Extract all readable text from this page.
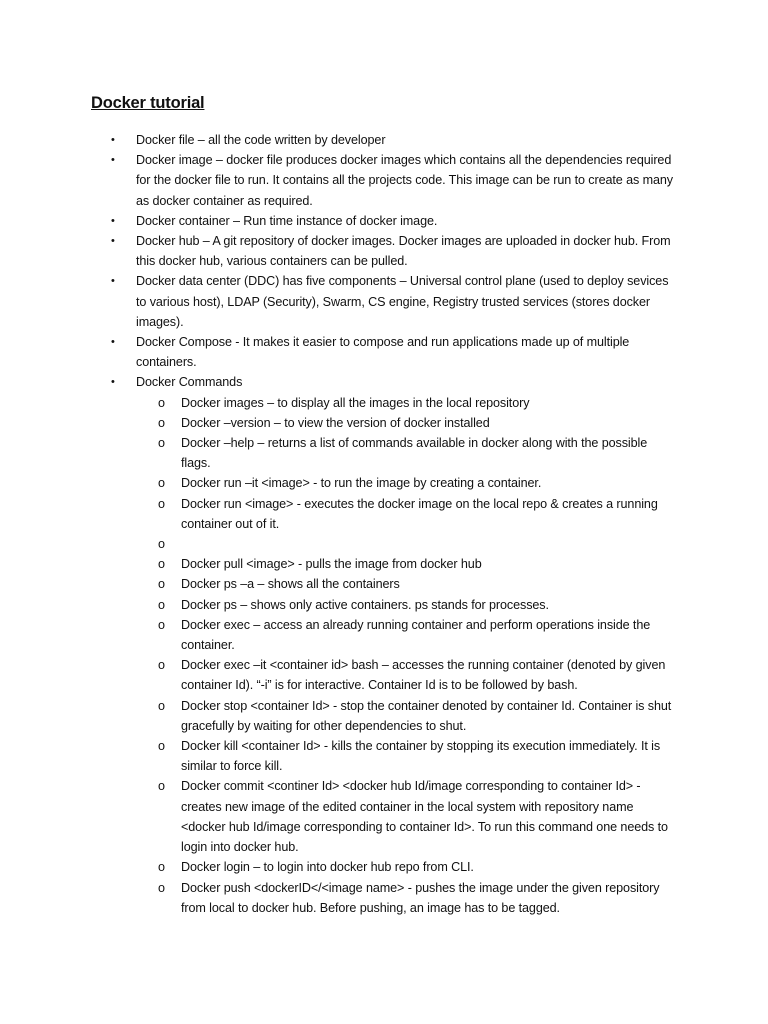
Docker tutorial
• Docker file – all the code written by developer
• Docker image – docker file produces docker images which contains all the dependencies required for the docker file to run. It contains all the projects code. This image can be run to create as many as docker container as required.
• Docker container – Run time instance of docker image.
• Docker hub – A git repository of docker images. Docker images are uploaded in docker hub. From this docker hub, various containers can be pulled.
• Docker data center (DDC) has five components – Universal control plane (used to deploy sevices to various host), LDAP (Security), Swarm, CS engine, Registry trusted services (stores docker images).
• Docker Compose - It makes it easier to compose and run applications made up of multiple containers.
• Docker Commands
o Docker images – to display all the images in the local repository
o Docker –version – to view the version of docker installed
o Docker –help – returns a list of commands available in docker along with the possible flags.
o Docker run –it <image> - to run the image by creating a container.
o Docker run <image> - executes the docker image on the local repo & creates a running container out of it.
o
o Docker pull <image> - pulls the image from docker hub
o Docker ps –a – shows all the containers
o Docker ps – shows only active containers. ps stands for processes.
o Docker exec – access an already running container and perform operations inside the container.
o Docker exec –it <container id> bash – accesses the running container (denoted by given container Id). “-i” is for interactive. Container Id is to be followed by bash.
o Docker stop <container Id> - stop the container denoted by container Id. Container is shut gracefully by waiting for other dependencies to shut.
o Docker kill <container Id> - kills the container by stopping its execution immediately. It is similar to force kill.
o Docker commit <continer Id> <docker hub Id/image corresponding to container Id> - creates new image of the edited container in the local system with repository name <docker hub Id/image corresponding to container Id>. To run this command one needs to login into docker hub.
o Docker login – to login into docker hub repo from CLI.
o Docker push <dockerID</<image name> - pushes the image under the given repository from local to docker hub. Before pushing, an image has to be tagged.
